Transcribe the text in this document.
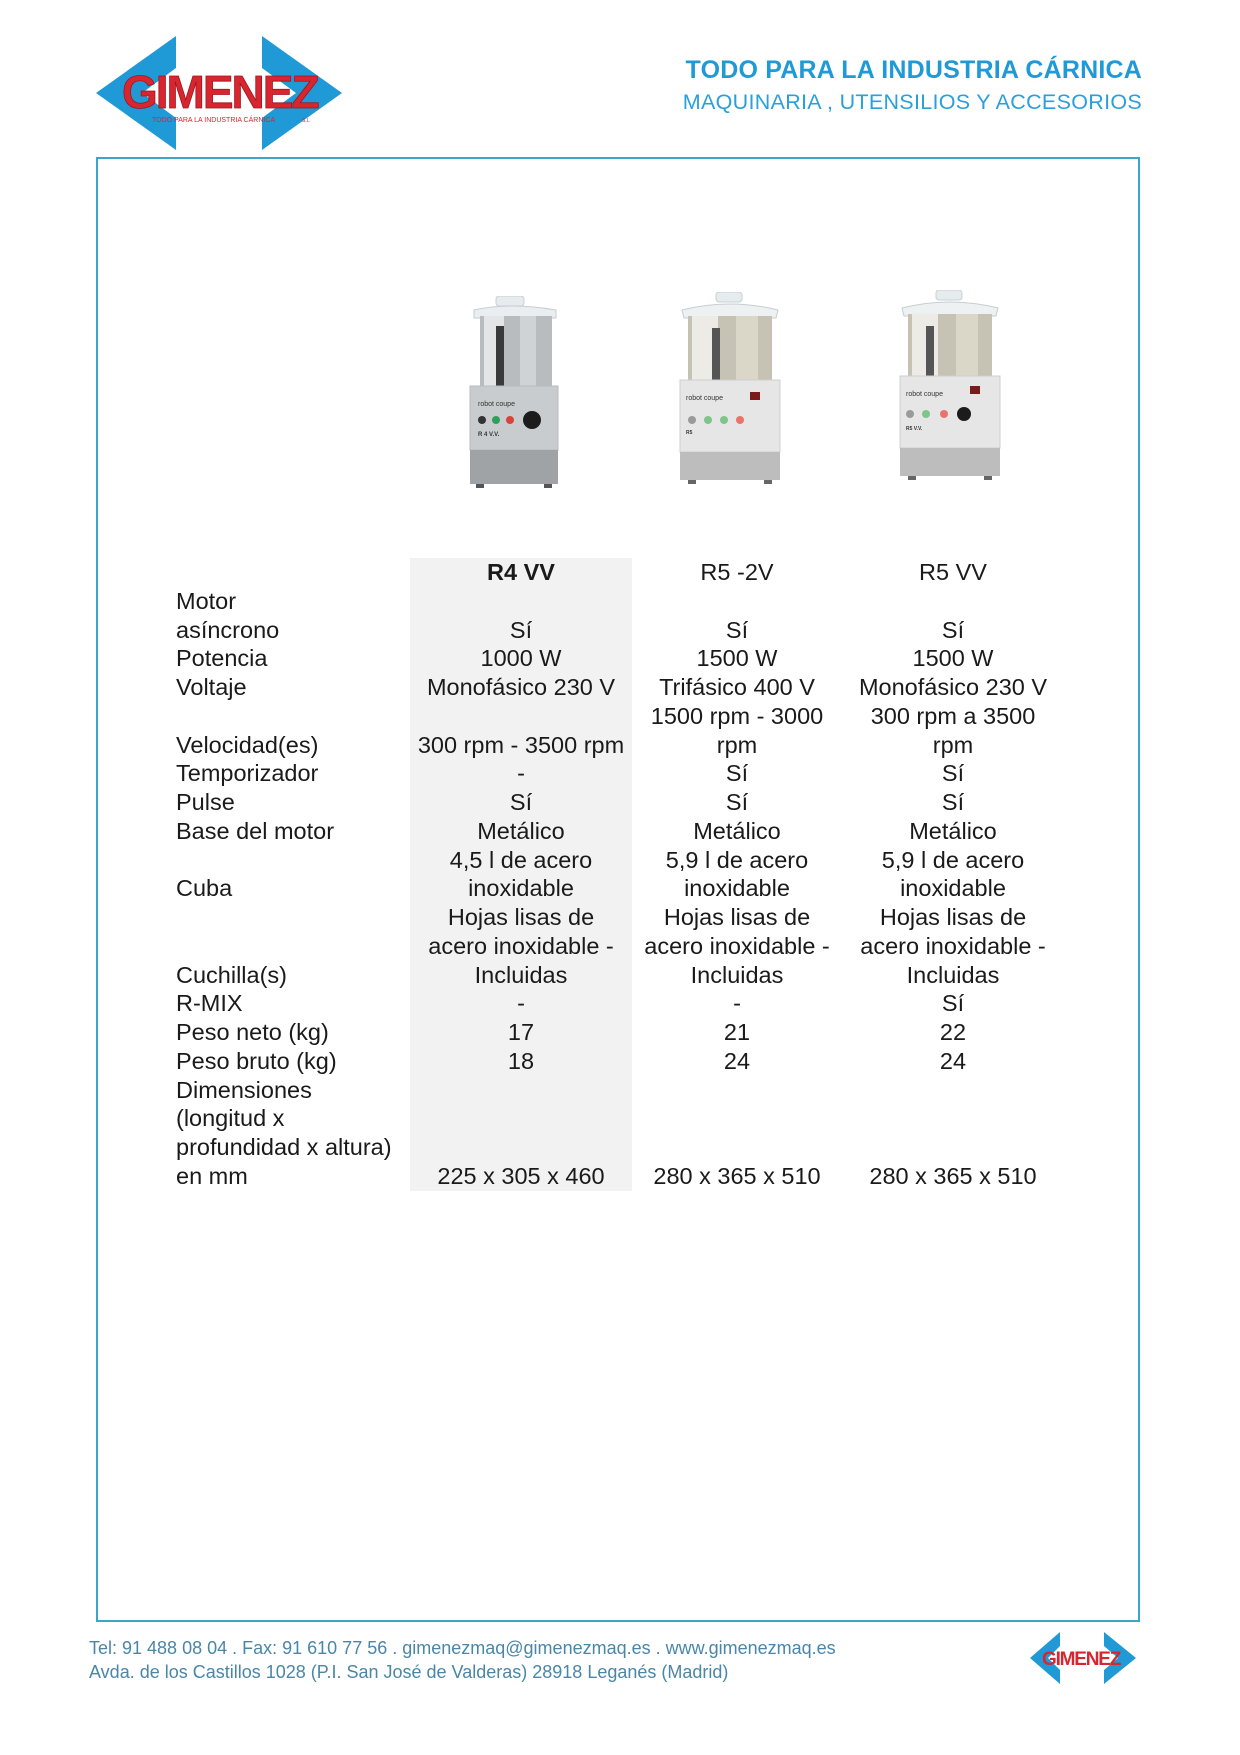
GIMENEZ
TODO PARA LA INDUSTRIA CÁRNICA	S.L.
TODO PARA LA INDUSTRIA CÁRNICA
MAQUINARIA , UTENSILIOS Y ACCESORIOS
robot coupe
R 4 V.V.
robot coupe
R5
robot coupe
R5 V.V.
Motor
asíncrono
Potencia
Voltaje
Velocidad(es)
Temporizador
Pulse
Base del motor
Cuba
Cuchilla(s)
R-MIX
Peso neto (kg)
Peso bruto (kg)
Dimensiones
(longitud x
profundidad x altura)
en mm
R4 VV
Sí
1000 W
Monofásico 230 V
300 rpm - 3500 rpm
-
Sí
Metálico
4,5 l de acero
inoxidable
Hojas lisas de
acero inoxidable -
Incluidas
-
17
18
225 x 305 x 460
R5 -2V
Sí
1500 W
Trifásico 400 V
1500 rpm - 3000
rpm
Sí
Sí
Metálico
5,9 l de acero
inoxidable
Hojas lisas de
acero inoxidable -
Incluidas
-
21
24
280 x 365 x 510
R5 VV
Sí
1500 W
Monofásico 230 V
300 rpm a 3500
rpm
Sí
Sí
Metálico
5,9 l de acero
inoxidable
Hojas lisas de
acero inoxidable -
Incluidas
Sí
22
24
280 x 365 x 510
Tel: 91 488 08 04 . Fax: 91 610 77 56 . gimenezmaq@gimenezmaq.es . www.gimenezmaq.es
Avda. de los Castillos 1028 (P.I. San José de Valderas) 28918 Leganés (Madrid)
GIMENEZ
